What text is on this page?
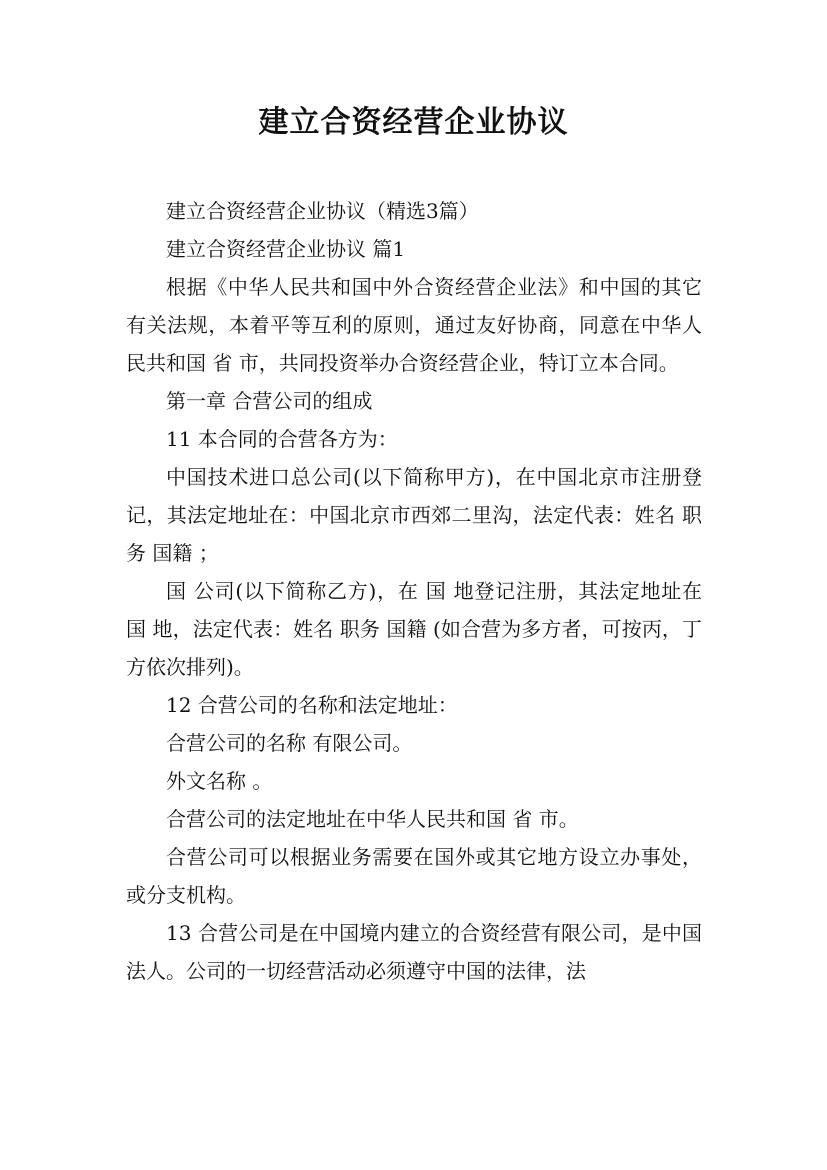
建立合资经营企业协议

建立合资经营企业协议（精选3篇）

建立合资经营企业协议 篇1

根据《中华人民共和国中外合资经营企业法》和中国的其它有关法规，本着平等互利的原则，通过友好协商，同意在中华人民共和国 省 市，共同投资举办合资经营企业，特订立本合同。

第一章 合营公司的组成

11 本合同的合营各方为：

中国技术进口总公司(以下简称甲方)，在中国北京市注册登记，其法定地址在：中国北京市西郊二里沟，法定代表：姓名 职务 国籍 ；

国 公司(以下简称乙方)，在 国 地登记注册，其法定地址在 国 地，法定代表：姓名 职务 国籍 (如合营为多方者，可按丙，丁方依次排列)。

12 合营公司的名称和法定地址：

合营公司的名称 有限公司。

外文名称 。

合营公司的法定地址在中华人民共和国 省 市。

合营公司可以根据业务需要在国外或其它地方设立办事处，或分支机构。

13 合营公司是在中国境内建立的合资经营有限公司，是中国法人。公司的一切经营活动必须遵守中国的法律，法
